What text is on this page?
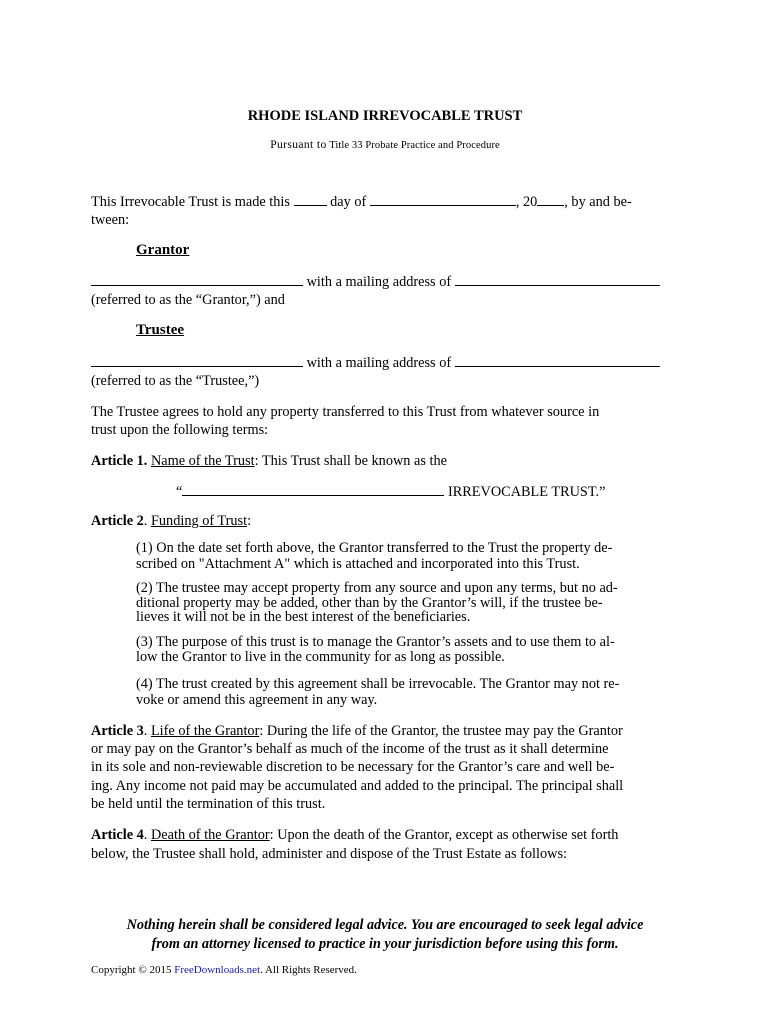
RHODE ISLAND IRREVOCABLE TRUST
Pursuant to Title 33 Probate Practice and Procedure
This Irrevocable Trust is made this	day of	, 20 , by and be-
tween:
Grantor
with a mailing address of
(referred to as the “Grantor,”) and
Trustee
with a mailing address of
(referred to as the “Trustee,”)
The Trustee agrees to hold any property transferred to this Trust from whatever source in
trust upon the following terms:
Article 1. Name of the Trust: This Trust shall be known as the
“	IRREVOCABLE TRUST.”
Article 2. Funding of Trust:
(1) On the date set forth above, the Grantor transferred to the Trust the property de-
scribed on "Attachment A" which is attached and incorporated into this Trust.
(2) The trustee may accept property from any source and upon any terms, but no ad-
ditional property may be added, other than by the Grantor’s will, if the trustee be-
lieves it will not be in the best interest of the beneficiaries.
(3) The purpose of this trust is to manage the Grantor’s assets and to use them to al-
low the Grantor to live in the community for as long as possible.
(4) The trust created by this agreement shall be irrevocable. The Grantor may not re-
voke or amend this agreement in any way.
Article 3. Life of the Grantor: During the life of the Grantor, the trustee may pay the Grantor
or may pay on the Grantor’s behalf as much of the income of the trust as it shall determine
in its sole and non-reviewable discretion to be necessary for the Grantor’s care and well be-
ing. Any income not paid may be accumulated and added to the principal. The principal shall
be held until the termination of this trust.
Article 4. Death of the Grantor: Upon the death of the Grantor, except as otherwise set forth
below, the Trustee shall hold, administer and dispose of the Trust Estate as follows:
Nothing herein shall be considered legal advice. You are encouraged to seek legal advice
from an attorney licensed to practice in your jurisdiction before using this form.
Copyright © 2015 FreeDownloads.net. All Rights Reserved.
